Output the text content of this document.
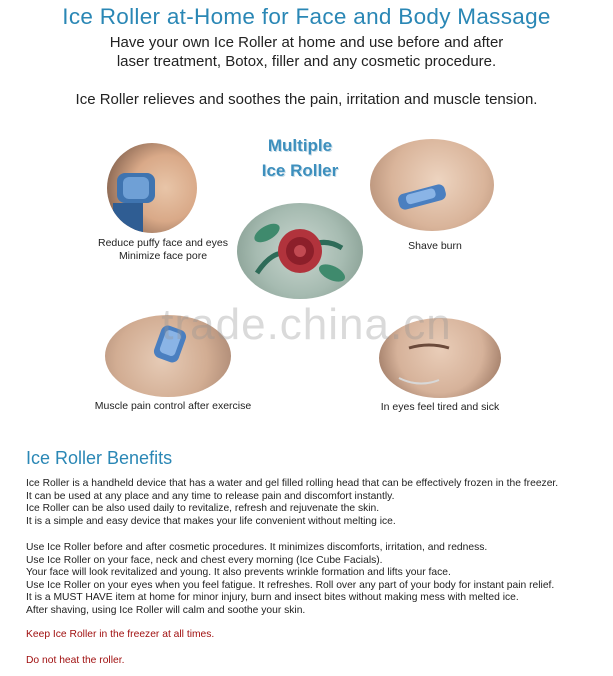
Ice Roller at-Home for Face and Body Massage
Have your own Ice Roller at home and use before and after
laser treatment, Botox, filler and any cosmetic procedure.
Ice Roller relieves and soothes the pain, irritation and muscle tension.
Multiple
Ice Roller
Reduce puffy face and eyes
Minimize face pore
Shave burn
Muscle pain control after exercise	In eyes feel tired and sick
trade.china.cn
Ice Roller Benefits
Ice Roller is a handheld device that has a water and gel filled rolling head that can be effectively frozen in the freezer.
It can be used at any place and any time to release pain and discomfort instantly.
Ice Roller can be also used daily to revitalize, refresh and rejuvenate the skin.
It is a simple and easy device that makes your life convenient without melting ice.
Use Ice Roller before and after cosmetic procedures. It minimizes discomforts, irritation, and redness.
Use Ice Roller on your face, neck and chest every morning (Ice Cube Facials).
Your face will look revitalized and young. It also prevents wrinkle formation and lifts your face.
Use Ice Roller on your eyes when you feel fatigue. It refreshes. Roll over any part of your body for instant pain relief.
It is a MUST HAVE item at home for minor injury, burn and insect bites without making mess with melted ice.
After shaving, using Ice Roller will calm and soothe your skin.
Keep Ice Roller in the freezer at all times.
Do not heat the roller.
